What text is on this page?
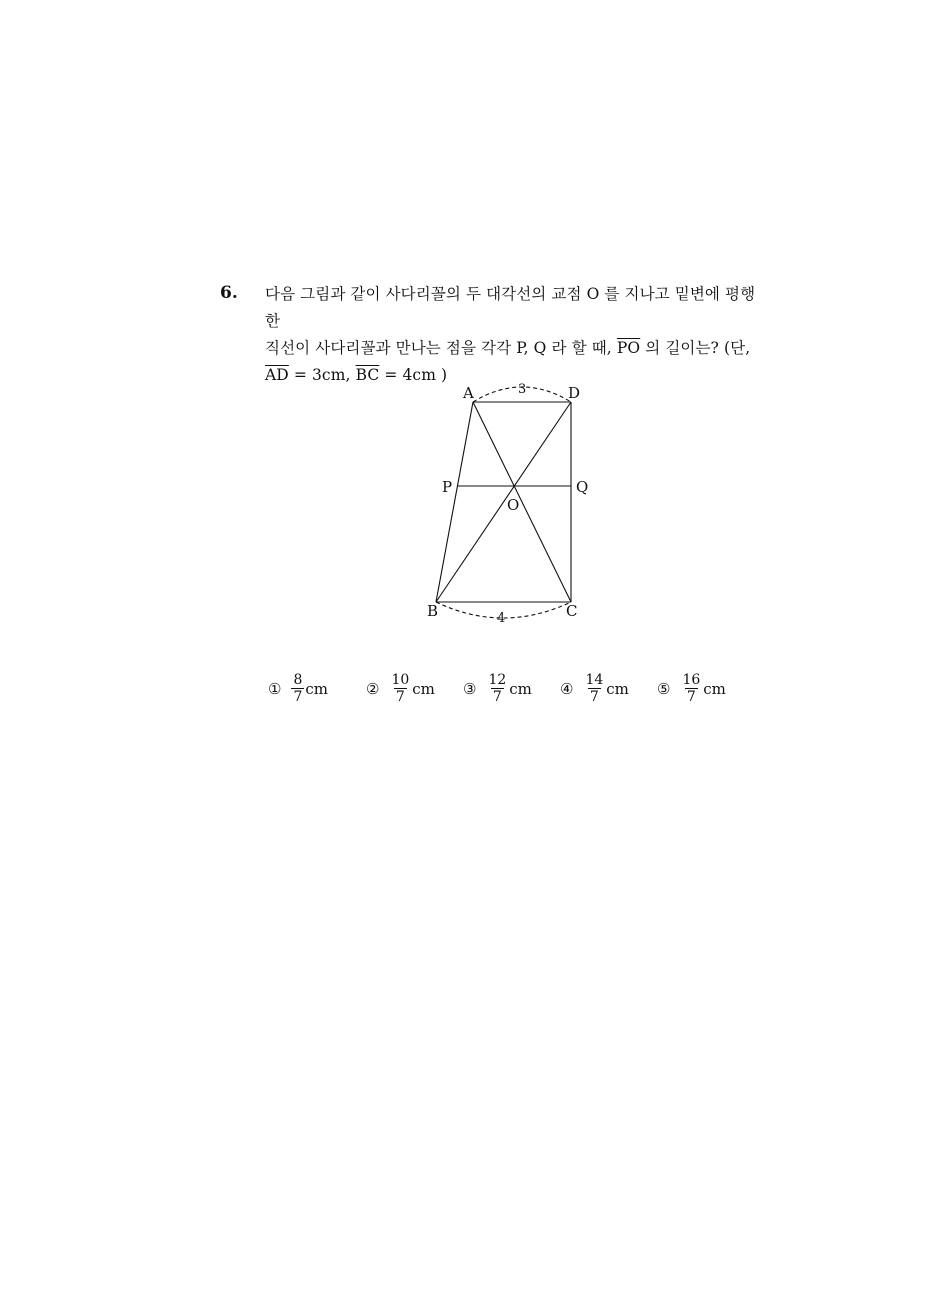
6. 다음 그림과 같이 사다리꼴의 두 대각선의 교점 O 를 지나고 밑변에 평행한
직선이 사다리꼴과 만나는 점을 각각 P, Q 라 할 때, $\overline{PO}$ 의 길이는? (단,
$\overline{AD} = 3cm$, $\overline{BC} = 4cm$ )
A	D
P	Q
O
B	C
3
4
① $\frac{8}{7}$ cm	② $\frac{10}{7}$ cm ③ $\frac{12}{7}$ cm ④ $\frac{14}{7}$ cm ⑤ $\frac{16}{7}$ cm
